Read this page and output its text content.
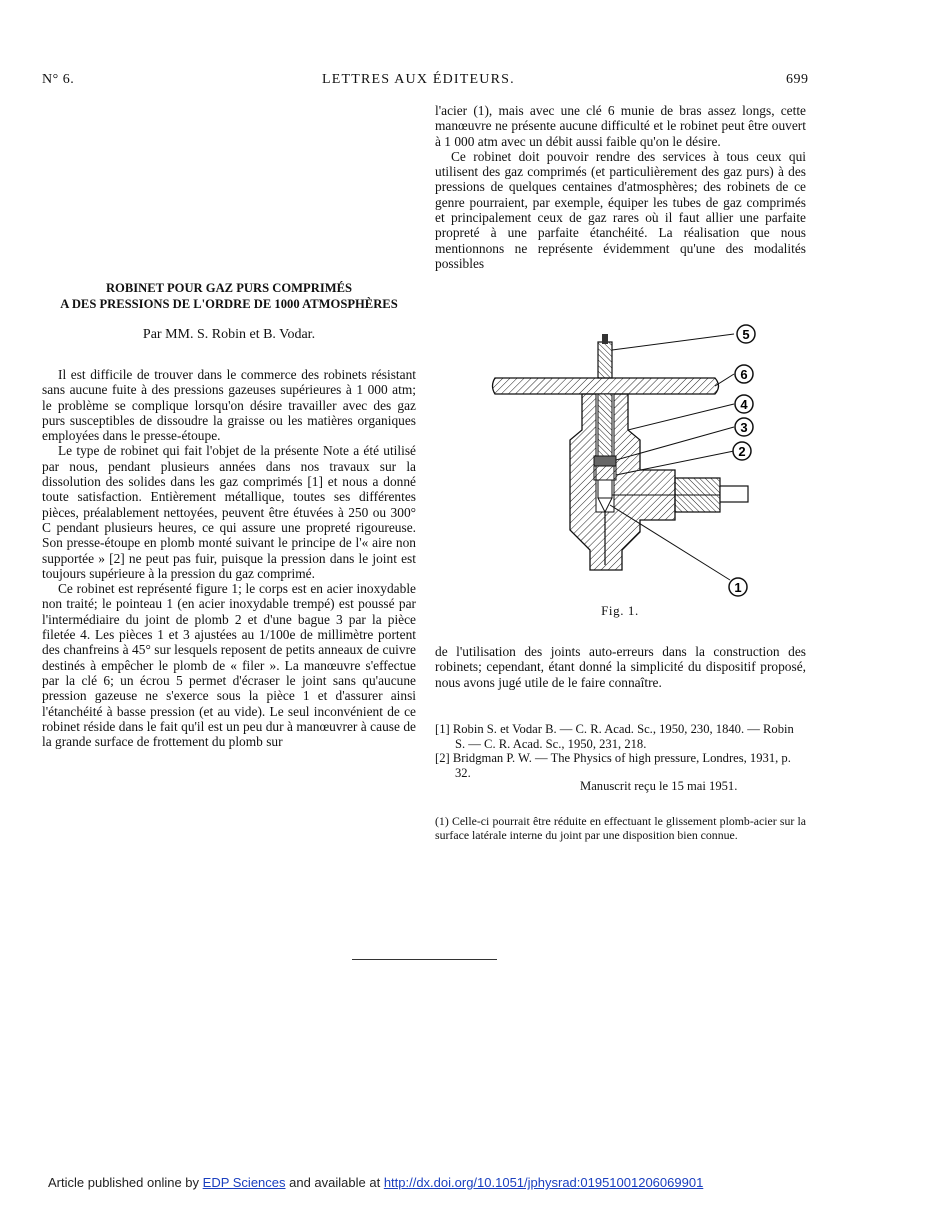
N° 6.	LETTRES AUX ÉDITEURS.	699

l'acier (1), mais avec une clé 6 munie de bras assez longs, cette manœuvre ne présente aucune difficulté et le robinet peut être ouvert à 1 000 atm avec un débit aussi faible qu'on le désire.

Ce robinet doit pouvoir rendre des services à tous ceux qui utilisent des gaz comprimés (et particulièrement des gaz purs) à des pressions de quelques centaines d'atmosphères; des robinets de ce genre pourraient, par exemple, équiper les tubes de gaz comprimés et principalement ceux de gaz rares où il faut allier une parfaite propreté à une parfaite étanchéité. La réalisation que nous mentionnons ne représente évidemment qu'une des modalités possibles

ROBINET POUR GAZ PURS COMPRIMÉS
A DES PRESSIONS DE L'ORDRE DE 1000 ATMOSPHÈRES
Par MM. S. Robin et B. Vodar.

Il est difficile de trouver dans le commerce des robinets résistant sans aucune fuite à des pressions gazeuses supérieures à 1 000 atm; le problème se complique lorsqu'on désire travailler avec des gaz purs susceptibles de dissoudre la graisse ou les matières organiques employées dans le presse-étoupe.

Le type de robinet qui fait l'objet de la présente Note a été utilisé par nous, pendant plusieurs années dans nos travaux sur la dissolution des solides dans les gaz comprimés [1] et nous a donné toute satisfaction. Entièrement métallique, toutes ses différentes pièces, préalablement nettoyées, peuvent être étuvées à 250 ou 300° C pendant plusieurs heures, ce qui assure une propreté rigoureuse. Son presse-étoupe en plomb monté suivant le principe de l'« aire non supportée » [2] ne peut pas fuir, puisque la pression dans le joint est toujours supérieure à la pression du gaz comprimé.

Ce robinet est représenté figure 1; le corps est en acier inoxydable non traité; le pointeau 1 (en acier inoxydable trempé) est poussé par l'intermédiaire du joint de plomb 2 et d'une bague 3 par la pièce filetée 4. Les pièces 1 et 3 ajustées au 1/100e de millimètre portent des chanfreins à 45° sur lesquels reposent de petits anneaux de cuivre destinés à empêcher le plomb de « filer ». La manœuvre s'effectue par la clé 6; un écrou 5 permet d'écraser le joint sans qu'aucune pression gazeuse ne s'exerce sous la pièce 1 et d'assurer ainsi l'étanchéité à basse pression (et au vide). Le seul inconvénient de ce robinet réside dans le fait qu'il est un peu dur à manœuvrer à cause de la grande surface de frottement du plomb sur

5
6
4
3
2
1
Fig. 1.

de l'utilisation des joints auto-erreurs dans la construction des robinets; cependant, étant donné la simplicité du dispositif proposé, nous avons jugé utile de le faire connaître.

[1] Robin S. et Vodar B. — C. R. Acad. Sc., 1950, 230, 1840. — Robin S. — C. R. Acad. Sc., 1950, 231, 218.

[2] Bridgman P. W. — The Physics of high pressure, Londres, 1931, p. 32.

Manuscrit reçu le 15 mai 1951.
(1) Celle-ci pourrait être réduite en effectuant le glissement plomb-acier sur la surface latérale interne du joint par une disposition bien connue.
Article published online by EDP Sciences and available at http://dx.doi.org/10.1051/jphysrad:01951001206069901
